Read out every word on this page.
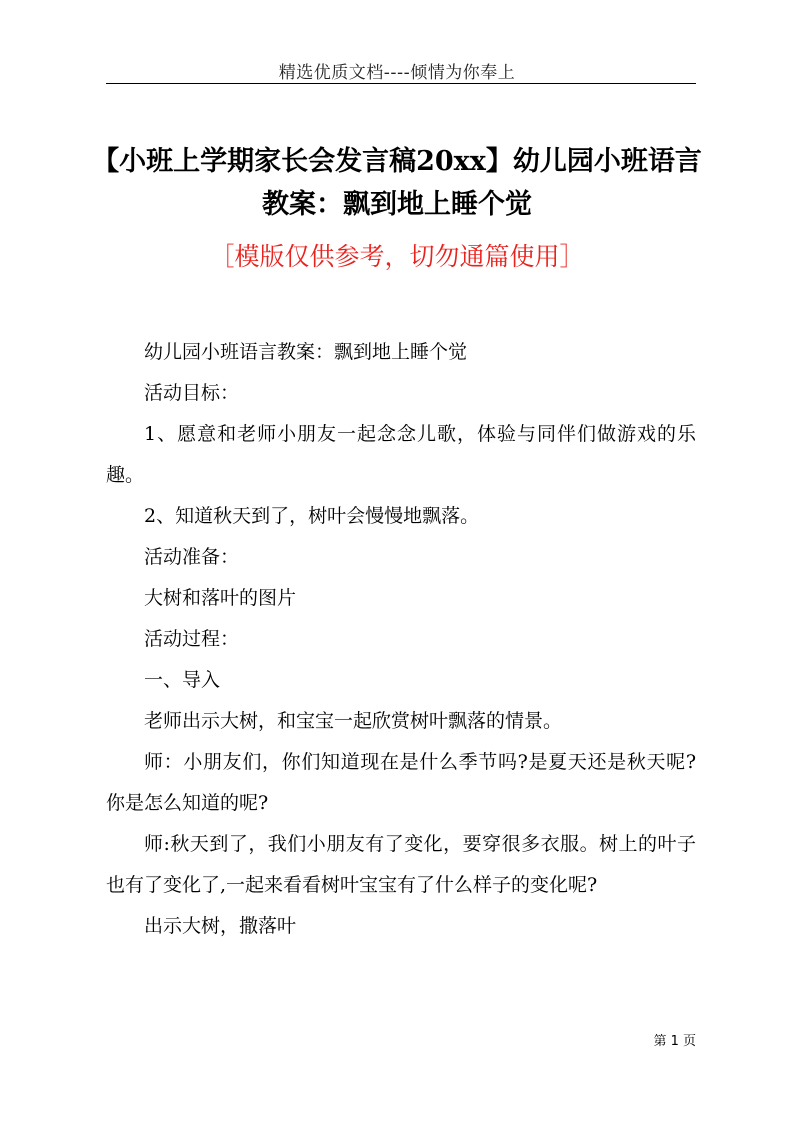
精选优质文档----倾情为你奉上
【小班上学期家长会发言稿20xx】幼儿园小班语言教案：飘到地上睡个觉
［模版仅供参考，切勿通篇使用］

幼儿园小班语言教案：飘到地上睡个觉

活动目标：

1、愿意和老师小朋友一起念念儿歌，体验与同伴们做游戏的乐趣。

2、知道秋天到了，树叶会慢慢地飘落。

活动准备：

大树和落叶的图片

活动过程：

一、导入

老师出示大树，和宝宝一起欣赏树叶飘落的情景。

师：小朋友们，你们知道现在是什么季节吗?是夏天还是秋天呢?你是怎么知道的呢?

师:秋天到了，我们小朋友有了变化，要穿很多衣服。树上的叶子也有了变化了,一起来看看树叶宝宝有了什么样子的变化呢?

出示大树，撒落叶

第 1 页
